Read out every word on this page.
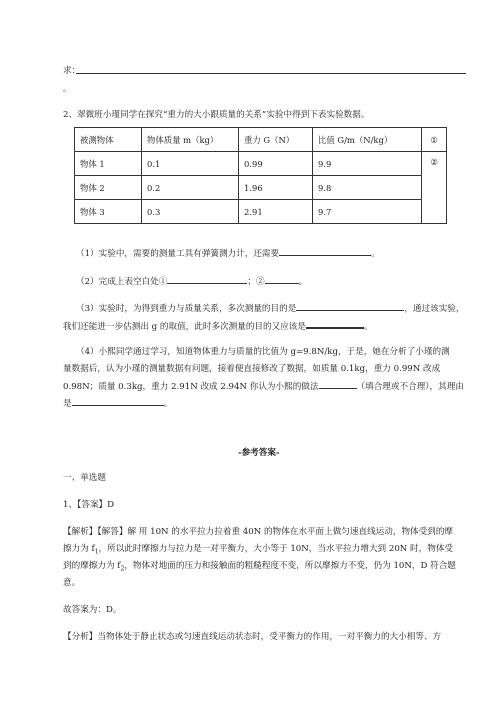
求：
。
2、翠微班小瑾同学在探究“重力的大小跟质量的关系”实验中得到下表实验数据。
被测物体	物体质量 m（kg）	重力 G（N）	比值 G/m（N/kg）	①
物体 1	0.1	0.99	9.9	②
物体 2	0.2	1.96	9.8	
物体 3	0.3	2.91	9.7	
（1）实验中，需要的测量工具有弹簧测力计，还需要	。
（2）完成上表空白处①	；②	。
（3）实验时，为得到重力与质量关系，多次测量的目的是	，通过该实验，
我们还能进一步估测出 g 的取值，此时多次测量的目的又应该是	。
（4）小熙同学通过学习，知道物体重力与质量的比值为 g=9.8N/kg，于是，她在分析了小瑾的测
量数据后，认为小瑾的测量数据有问题，接着便直接修改了数据，如质量 0.1kg，重力 0.99N 改成
0.98N；质量 0.3kg，重力 2.91N 改成 2.94N 你认为小熙的做法	（填合理或不合理），其理由
是	。
-参考答案-
一、单选题
1、【答案】D
【解析】【解答】解 用 10N 的水平拉力拉着重 40N 的物体在水平面上做匀速直线运动，物体受到的摩
擦力为 $f_1$，所以此时摩擦力与拉力是一对平衡力，大小等于 10N，当水平拉力增大到 20N 时，物体受
到的摩擦力为 $f_2$，物体对地面的压力和接触面的粗糙程度不变，所以摩擦力不变，仍为 10N，D 符合题
意。
故答案为：D。
【分析】当物体处于静止状态或匀速直线运动状态时，受平衡力的作用，一对平衡力的大小相等、方
